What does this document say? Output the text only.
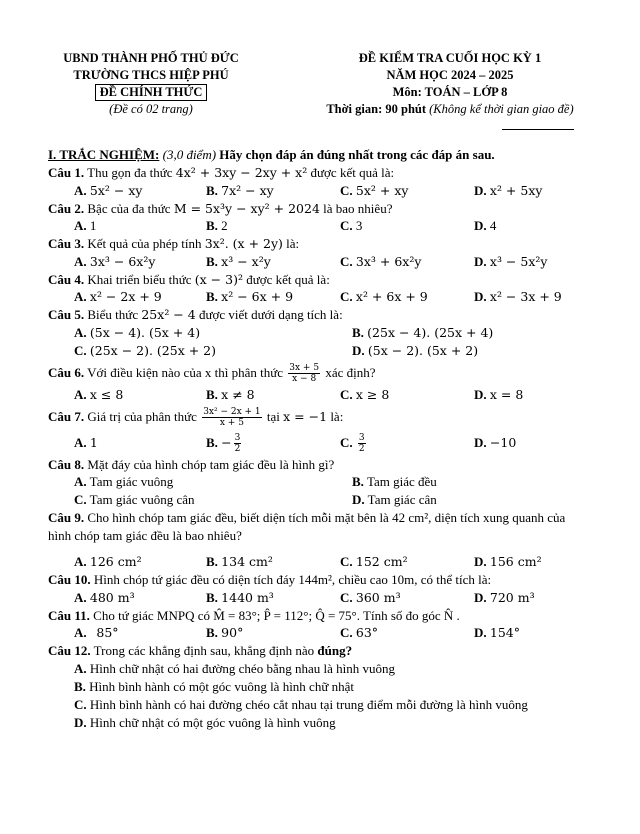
UBND THÀNH PHỐ THỦ ĐỨC
TRƯỜNG THCS HIỆP PHÚ
ĐỀ CHÍNH THỨC
(Đề có 02 trang)
ĐỀ KIỂM TRA CUỐI HỌC KỲ 1
NĂM HỌC 2024 – 2025
Môn: TOÁN – LỚP 8
Thời gian: 90 phút (Không kể thời gian giao đề)
I. TRẮC NGHIỆM: (3,0 điểm) Hãy chọn đáp án đúng nhất trong các đáp án sau.
Câu 1. Thu gọn đa thức 4x² + 3xy − 2xy + x² được kết quả là:
A. 5x² − xy	B. 7x² − xy	C. 5x² + xy	D. x² + 5xy
Câu 2. Bậc của đa thức M = 5x³y − xy² + 2024 là bao nhiêu?
A. 1	B. 2	C. 3	D. 4
Câu 3. Kết quả của phép tính 3x². (x + 2y) là:
A. 3x³ − 6x²y	B. x³ − x²y	C. 3x³ + 6x²y	D. x³ − 5x²y
Câu 4. Khai triển biểu thức (x − 3)² được kết quả là:
A. x² − 2x + 9	B. x² − 6x + 9	C. x² + 6x + 9	D. x² − 3x + 9
Câu 5. Biểu thức 25x² − 4 được viết dưới dạng tích là:
A. (5x − 4). (5x + 4)	B. (25x − 4). (25x + 4)
C. (25x − 2). (25x + 2)	D. (5x − 2). (5x + 2)
Câu 6. Với điều kiện nào của x thì phân thức $\frac{3x + 5}{x - 8}$ xác định?
A. x ≤ 8	B. x ≠ 8	C. x ≥ 8	D. x = 8
Câu 7. Giá trị của phân thức $\frac{\text{3x² − 2x + 1}}{x + 5}$ tại x = −1 là:
A. 1	B. − $\frac{3}{2}$	C. $\frac{3}{2}$	D. −10
Câu 8. Mặt đáy của hình chóp tam giác đều là hình gì?
A. Tam giác vuông	B. Tam giác đều
C. Tam giác vuông cân	D. Tam giác cân
Câu 9. Cho hình chóp tam giác đều, biết diện tích mỗi mặt bên là 42 cm², diện tích xung quanh của
hình chóp tam giác đều là bao nhiêu?
A. 126 cm²	B. 134 cm²	C. 152 cm²	D. 156 cm²
Câu 10. Hình chóp tứ giác đều có diện tích đáy 144m², chiều cao 10m, có thể tích là:
A. 480 m³	B. 1440 m³	C. 360 m³	D. 720 m³
Câu 11. Cho tứ giác MNPQ có M̂ = 83°; P̂ = 112°; Q̂ = 75°. Tính số đo góc N̂ .
A. 85°	B. 90°	C. 63°	D. 154°
Câu 12. Trong các khẳng định sau, khẳng định nào đúng?
A. Hình chữ nhật có hai đường chéo bằng nhau là hình vuông
B. Hình bình hành có một góc vuông là hình chữ nhật
C. Hình bình hành có hai đường chéo cắt nhau tại trung điểm mỗi đường là hình vuông
D. Hình chữ nhật có một góc vuông là hình vuông
